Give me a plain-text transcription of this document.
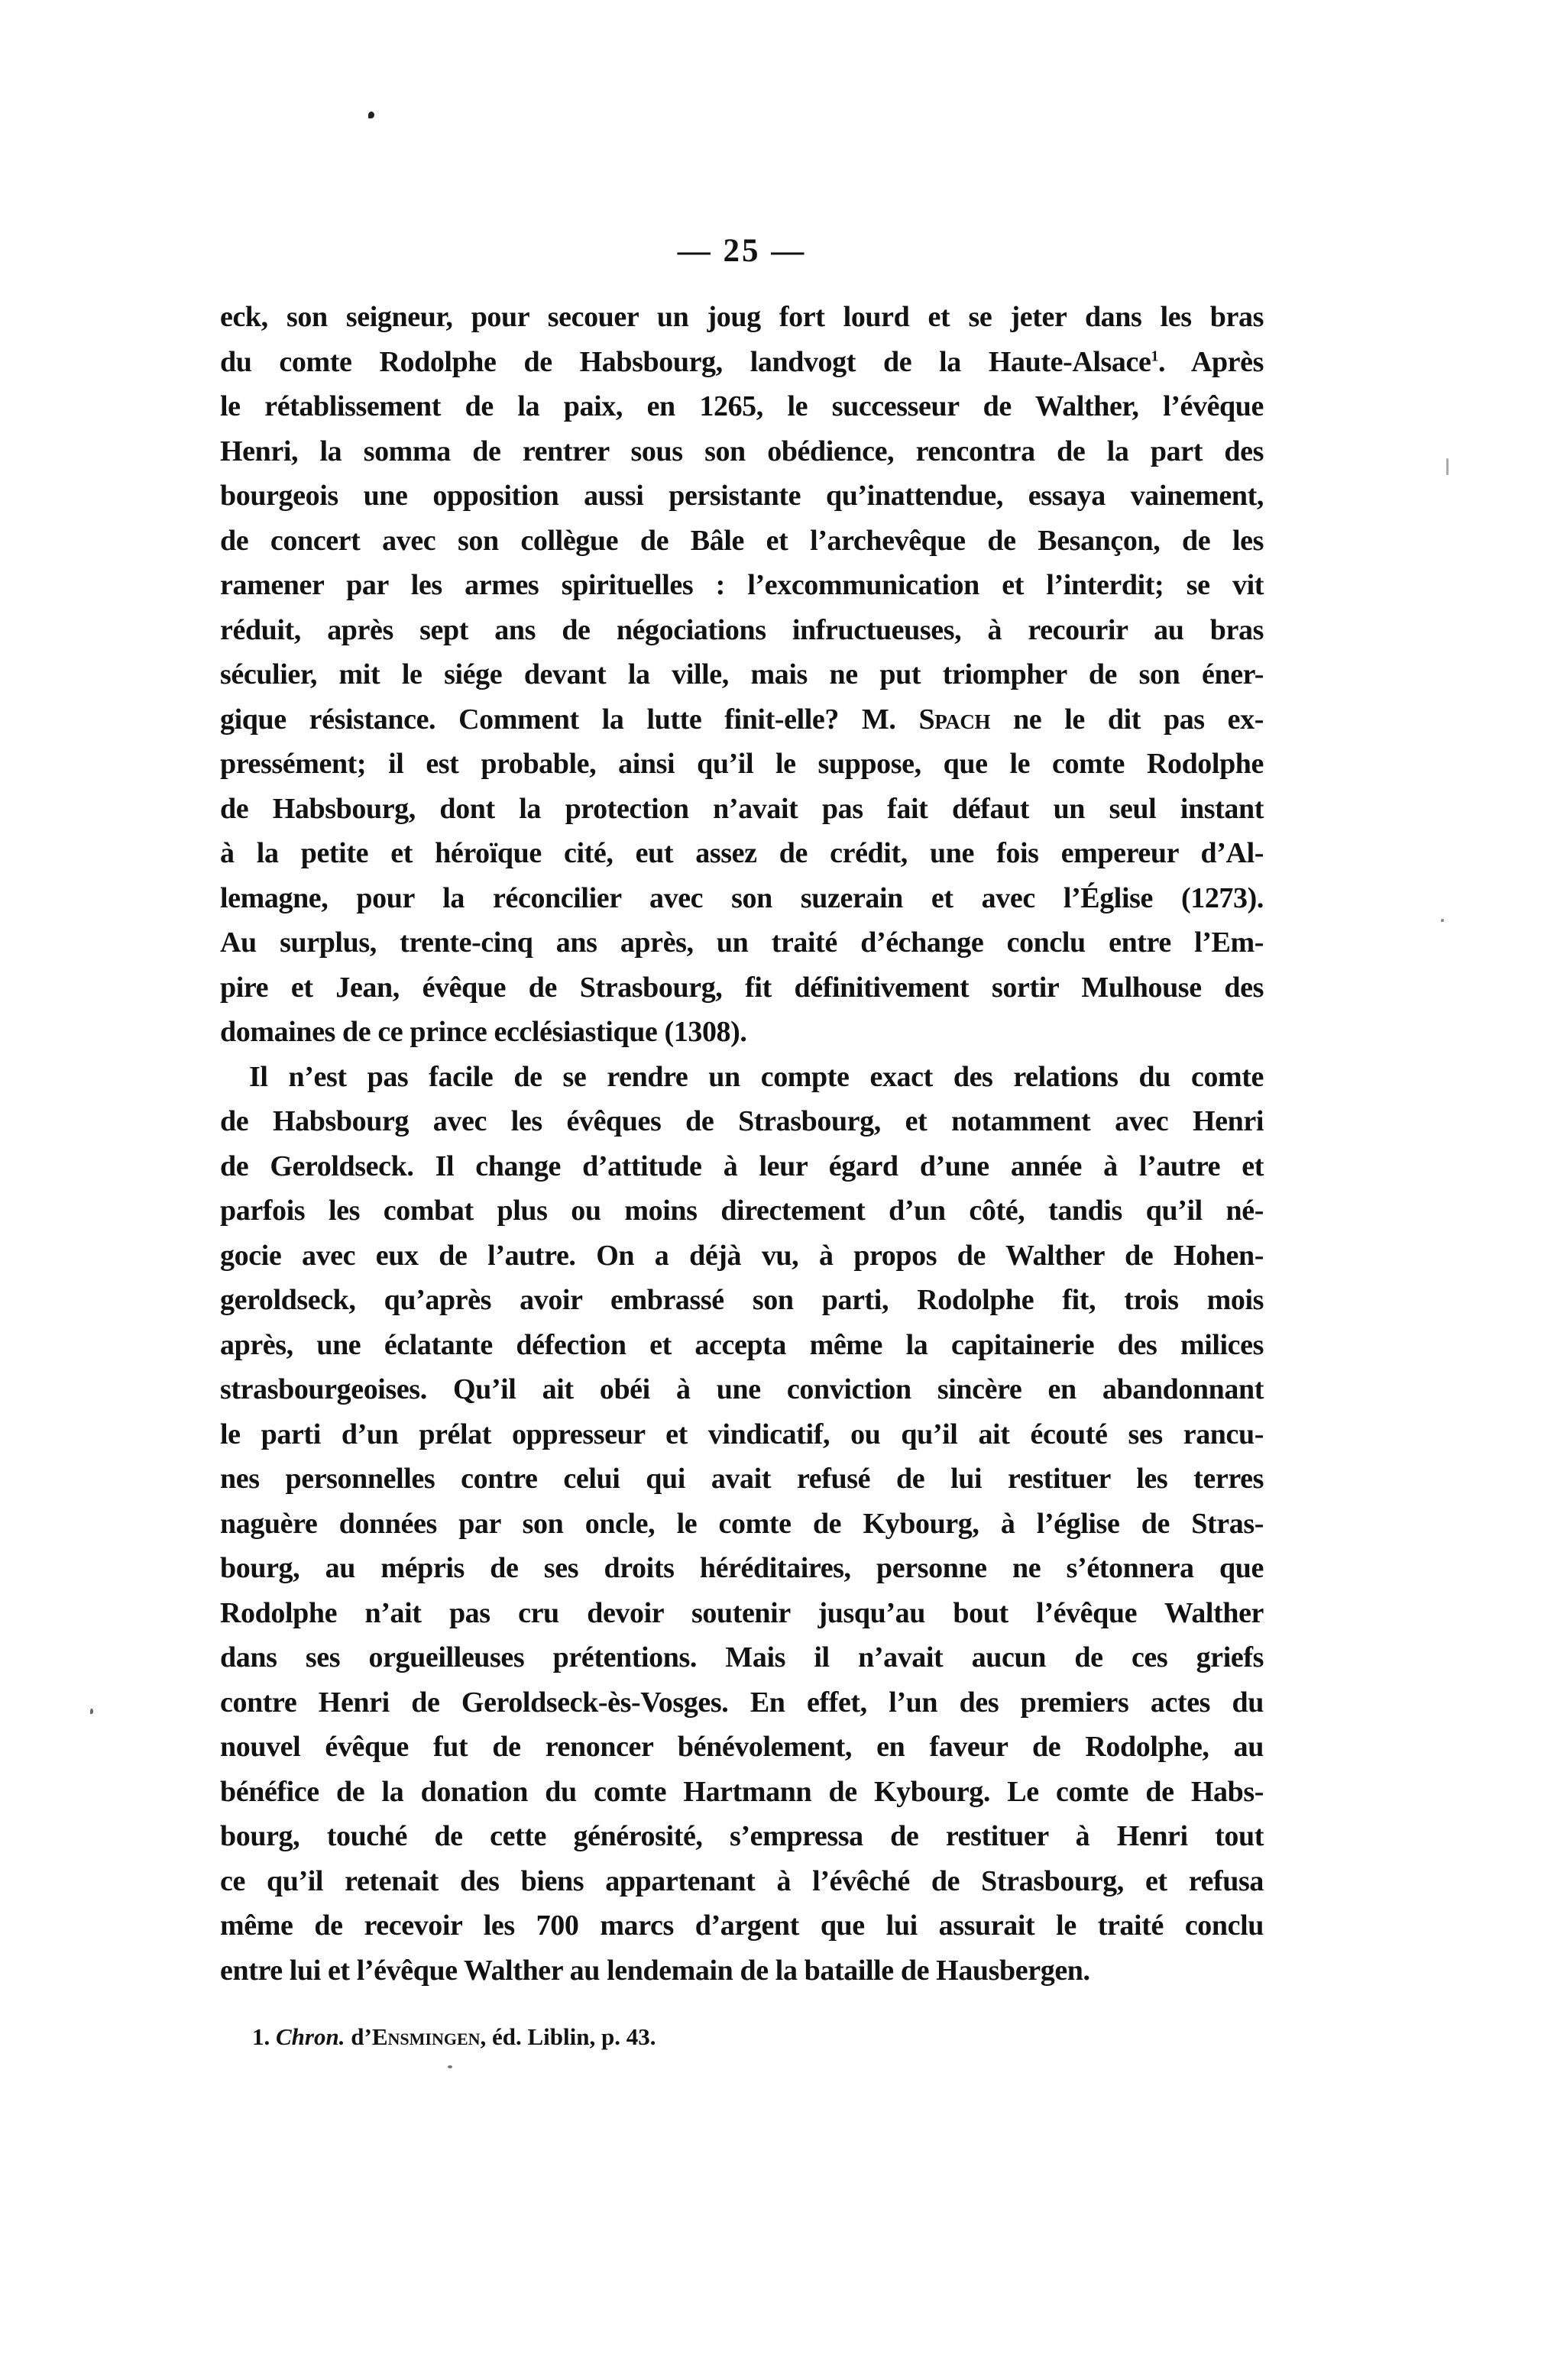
— 25 —
eck, son seigneur, pour secouer un joug fort lourd et se jeter dans les bras
du comte Rodolphe de Habsbourg, landvogt de la Haute-Alsace$^1$. Après
le rétablissement de la paix, en 1265, le successeur de Walther, l’évêque
Henri, la somma de rentrer sous son obédience, rencontra de la part des
bourgeois une opposition aussi persistante qu’inattendue, essaya vainement,
de concert avec son collègue de Bâle et l’archevêque de Besançon, de les
ramener par les armes spirituelles : l’excommunication et l’interdit; se vit
réduit, après sept ans de négociations infructueuses, à recourir au bras
séculier, mit le siége devant la ville, mais ne put triompher de son éner-
gique résistance. Comment la lutte finit-elle? M. Spach ne le dit pas ex-
pressément; il est probable, ainsi qu’il le suppose, que le comte Rodolphe
de Habsbourg, dont la protection n’avait pas fait défaut un seul instant
à la petite et héroïque cité, eut assez de crédit, une fois empereur d’Al-
lemagne, pour la réconcilier avec son suzerain et avec l’Église (1273).
Au surplus, trente-cinq ans après, un traité d’échange conclu entre l’Em-
pire et Jean, évêque de Strasbourg, fit définitivement sortir Mulhouse des
domaines de ce prince ecclésiastique (1308).
Il n’est pas facile de se rendre un compte exact des relations du comte
de Habsbourg avec les évêques de Strasbourg, et notamment avec Henri
de Geroldseck. Il change d’attitude à leur égard d’une année à l’autre et
parfois les combat plus ou moins directement d’un côté, tandis qu’il né-
gocie avec eux de l’autre. On a déjà vu, à propos de Walther de Hohen-
geroldseck, qu’après avoir embrassé son parti, Rodolphe fit, trois mois
après, une éclatante défection et accepta même la capitainerie des milices
strasbourgeoises. Qu’il ait obéi à une conviction sincère en abandonnant
le parti d’un prélat oppresseur et vindicatif, ou qu’il ait écouté ses rancu-
nes personnelles contre celui qui avait refusé de lui restituer les terres
naguère données par son oncle, le comte de Kybourg, à l’église de Stras-
bourg, au mépris de ses droits héréditaires, personne ne s’étonnera que
Rodolphe n’ait pas cru devoir soutenir jusqu’au bout l’évêque Walther
dans ses orgueilleuses prétentions. Mais il n’avait aucun de ces griefs
contre Henri de Geroldseck-ès-Vosges. En effet, l’un des premiers actes du
nouvel évêque fut de renoncer bénévolement, en faveur de Rodolphe, au
bénéfice de la donation du comte Hartmann de Kybourg. Le comte de Habs-
bourg, touché de cette générosité, s’empressa de restituer à Henri tout
ce qu’il retenait des biens appartenant à l’évêché de Strasbourg, et refusa
même de recevoir les 700 marcs d’argent que lui assurait le traité conclu
entre lui et l’évêque Walther au lendemain de la bataille de Hausbergen.
1. Chron. d’Ensmingen, éd. Liblin, p. 43.
